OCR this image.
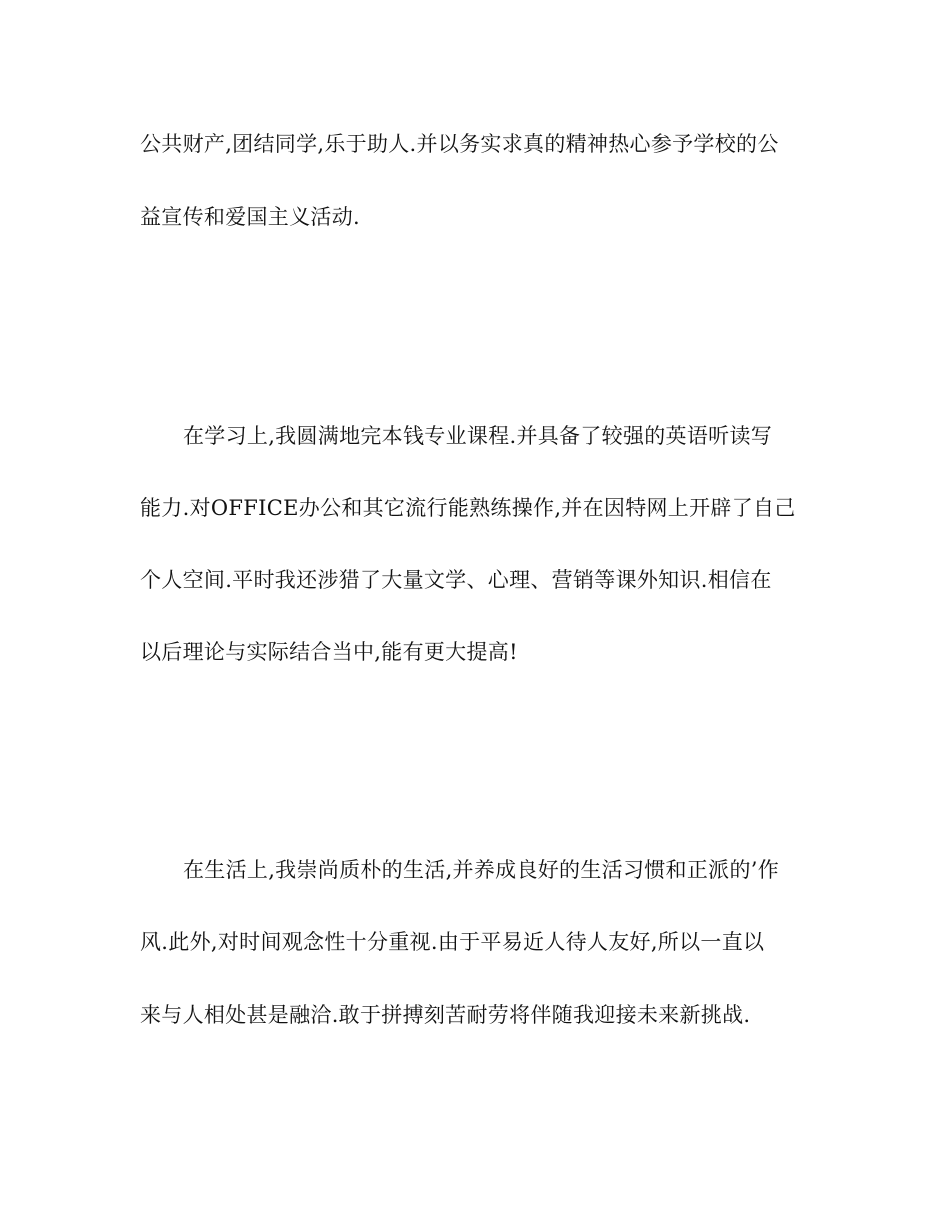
公共财产,团结同学,乐于助人.并以务实求真的精神热心参予学校的公
益宣传和爱国主义活动.
在学习上,我圆满地完本钱专业课程.并具备了较强的英语听读写
能力.对OFFICE办公和其它流行能熟练操作,并在因特网上开辟了自己
个人空间.平时我还涉猎了大量文学、心理、营销等课外知识.相信在
以后理论与实际结合当中,能有更大提高!
在生活上,我崇尚质朴的生活,并养成良好的生活习惯和正派的’作
风.此外,对时间观念性十分重视.由于平易近人待人友好,所以一直以
来与人相处甚是融洽.敢于拼搏刻苦耐劳将伴随我迎接未来新挑战.
